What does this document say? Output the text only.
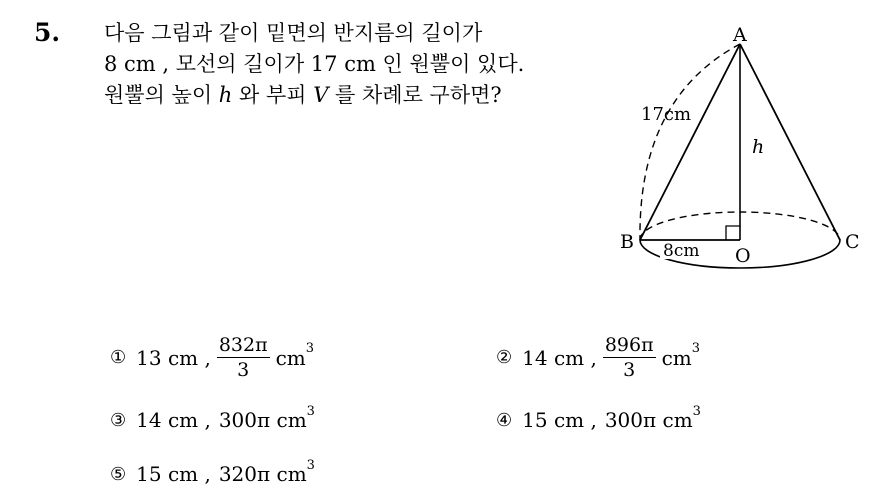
5. 다음 그림과 같이 밑면의 반지름의 길이가
8 cm , 모선의 길이가 17 cm 인 원뿔이 있다.
원뿔의 높이 h 와 부피 V 를 차례로 구하면?
A
B	C
O
h
17cm
8cm
① 13 cm , $\frac{832\pi}{3}$ cm 3	② 14 cm , $\frac{896\pi}{3}$ cm 3
③ 14 cm , 300π cm 3	④ 15 cm , 300π cm 3
⑤ 15 cm , 320π cm 3
